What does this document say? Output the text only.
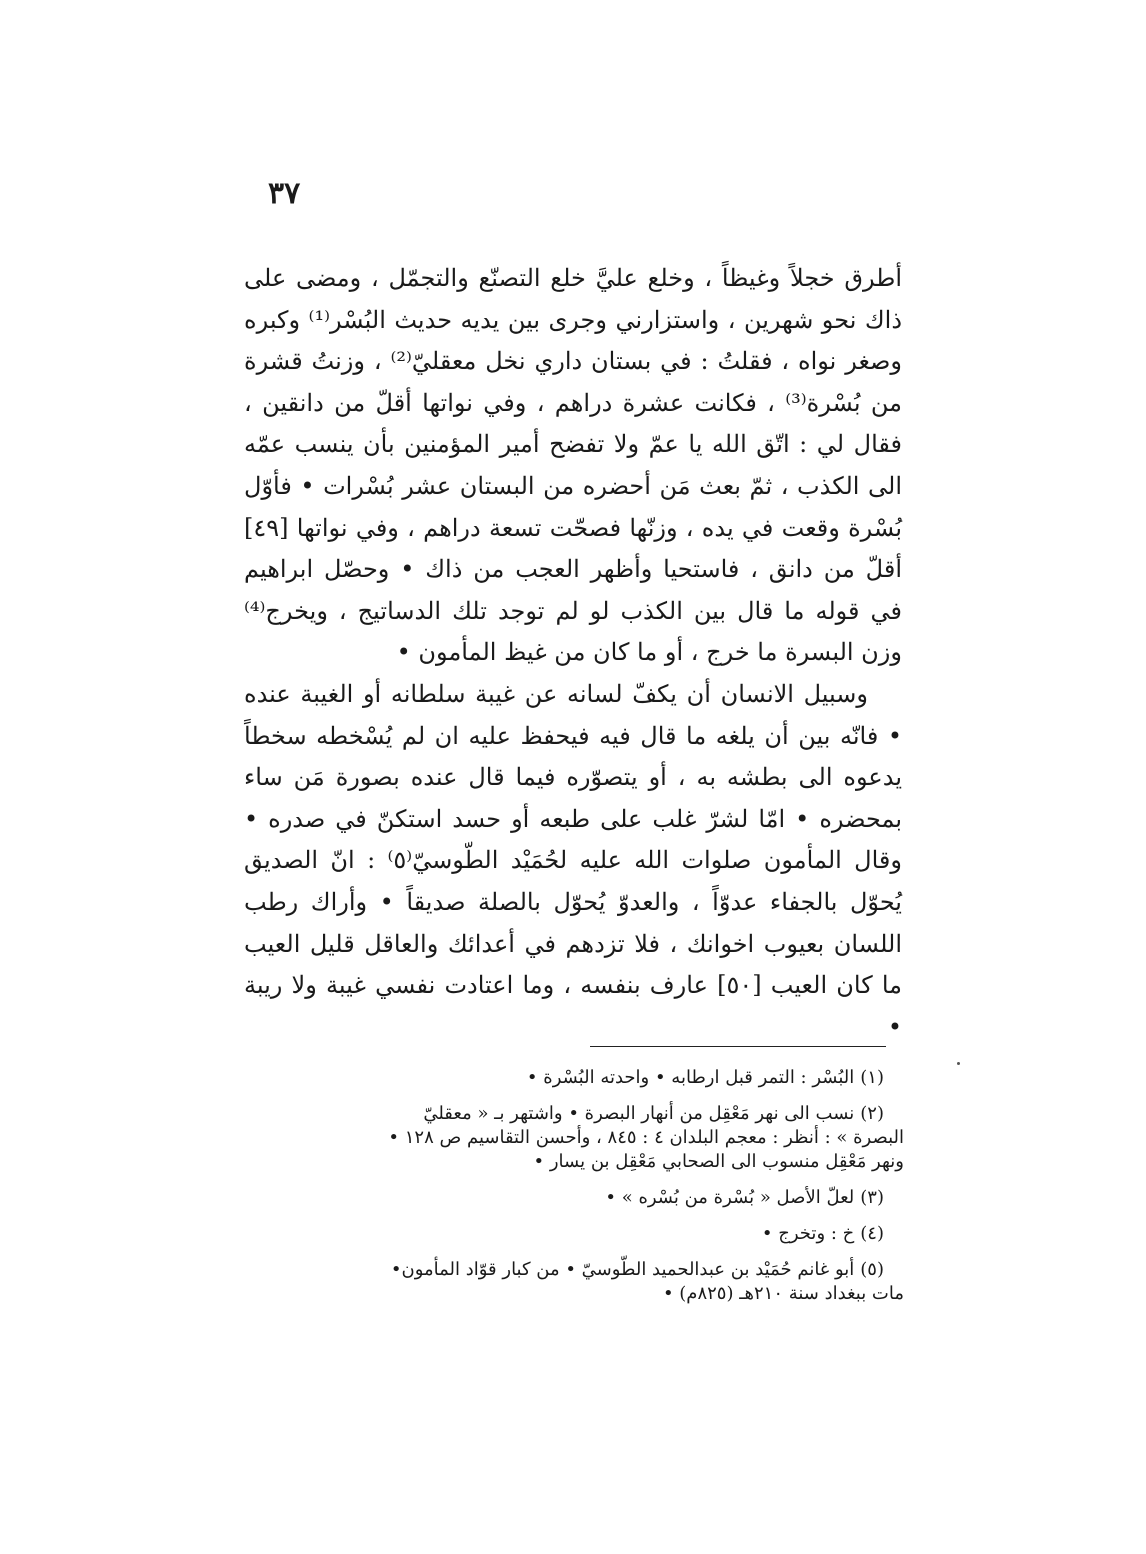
٣٧

أطرق خجلاً وغيظاً ، وخلع عليَّ خلع التصنّع والتجمّل ، ومضى على ذاك نحو شهرين ، واستزارني وجرى بين يديه حديث البُسْر⁽¹⁾ وكبره وصغر نواه ، فقلتُ : في بستان داري نخل معقليّ⁽²⁾ ، وزنتُ قشرة من بُسْرة⁽³⁾ ، فكانت عشرة دراهم ، وفي نواتها أقلّ من دانقين ، فقال لي : اتّق الله يا عمّ ولا تفضح أمير المؤمنين بأن ينسب عمّه الى الكذب ، ثمّ بعث مَن أحضره من البستان عشر بُسْرات • فأوّل بُسْرة وقعت في يده ، وزنّها فصحّت تسعة دراهم ، وفي نواتها [٤٩] أقلّ من دانق ، فاستحيا وأظهر العجب من ذاك • وحصّل ابراهيم في قوله ما قال بين الكذب لو لم توجد تلك الدساتيج ، ويخرج⁽⁴⁾ وزن البسرة ما خرج ، أو ما كان من غيظ المأمون •

وسبيل الانسان أن يكفّ لسانه عن غيبة سلطانه أو الغيبة عنده • فانّه بين أن يلغه ما قال فيه فيحفظ عليه ان لم يُسْخطه سخطاً يدعوه الى بطشه به ، أو يتصوّره فيما قال عنده بصورة مَن ساء بمحضره • امّا لشرّ غلب على طبعه أو حسد استكنّ في صدره • وقال المأمون صلوات الله عليه لحُمَيْد الطّوسيّ⁽٥⁾ : انّ الصديق يُحوّل بالجفاء عدوّاً ، والعدوّ يُحوّل بالصلة صديقاً • وأراك رطب اللسان بعيوب اخوانك ، فلا تزدهم في أعدائك والعاقل قليل العيب ما كان العيب [٥٠] عارف بنفسه ، وما اعتادت نفسي غيبة ولا ريبة •

(١)البُسْر : التمر قبل ارطابه • واحدته البُسْرة •
(٢)نسب الى نهر مَعْقِل من أنهار البصرة • واشتهر بـ « معقليّ
البصرة » : أنظر : معجم البلدان ٤ : ٨٤٥ ، وأحسن التقاسيم ص ١٢٨ •
ونهر مَعْقِل منسوب الى الصحابي مَعْقِل بن يسار •
(٣)لعلّ الأصل « بُسْرة من بُسْره » •
(٤)خ : وتخرج •
(٥)أبو غانم حُمَيْد بن عبدالحميد الطّوسيّ • من كبار قوّاد المأمون•
مات ببغداد سنة ٢١٠هـ (٨٢٥م) •
